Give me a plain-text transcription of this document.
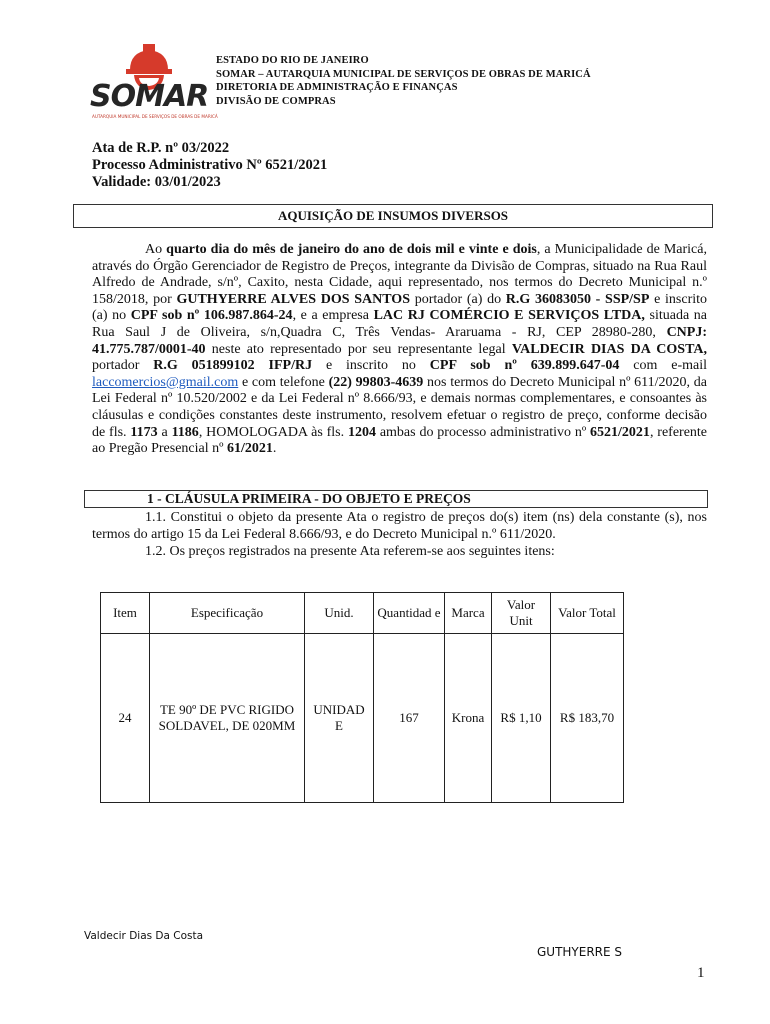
SOMAR
AUTARQUIA MUNICIPAL DE SERVIÇOS DE OBRAS DE MARICÁ
ESTADO DO RIO DE JANEIRO
SOMAR – AUTARQUIA MUNICIPAL DE SERVIÇOS DE OBRAS DE MARICÁ
DIRETORIA DE ADMINISTRAÇÃO E FINANÇAS
DIVISÃO DE COMPRAS
Ata de R.P. nº 03/2022
Processo Administrativo Nº 6521/2021
Validade: 03/01/2023
AQUISIÇÃO DE INSUMOS DIVERSOS

Ao quarto dia do mês de janeiro do ano de dois mil e vinte e dois, a Municipalidade de Maricá, através do Órgão Gerenciador de Registro de Preços, integrante da Divisão de Compras, situado na Rua Raul Alfredo de Andrade, s/nº, Caxito, nesta Cidade, aqui representado, nos termos do Decreto Municipal n.º 158/2018, por GUTHYERRE ALVES DOS SANTOS portador (a) do R.G 36083050 - SSP/SP e inscrito (a) no CPF sob nº 106.987.864-24, e a empresa LAC RJ COMÉRCIO E SERVIÇOS LTDA, situada na Rua Saul J de Oliveira, s/n,Quadra C, Três Vendas- Araruama - RJ, CEP 28980-280, CNPJ: 41.775.787/0001-40 neste ato representado por seu representante legal VALDECIR DIAS DA COSTA, portador R.G 051899102 IFP/RJ e inscrito no CPF sob nº 639.899.647-04 com e-mail laccomercios@gmail.com e com telefone (22) 99803-4639 nos termos do Decreto Municipal nº 611/2020, da Lei Federal nº 10.520/2002 e da Lei Federal nº 8.666/93, e demais normas complementares, e consoantes às cláusulas e condições constantes deste instrumento, resolvem efetuar o registro de preço, conforme decisão de fls. 1173 a 1186, HOMOLOGADA às fls. 1204 ambas do processo administrativo nº 6521/2021, referente ao Pregão Presencial nº 61/2021.

1 - CLÁUSULA PRIMEIRA - DO OBJETO E PREÇOS

1.1. Constitui o objeto da presente Ata o registro de preços do(s) item (ns) dela constante (s), nos termos do artigo 15 da Lei Federal 8.666/93, e do Decreto Municipal n.º 611/2020.

1.2. Os preços registrados na presente Ata referem-se aos seguintes itens:
Item	Especificação	Unid.	Quantidad e	Marca	Valor Unit	Valor Total
24	TE 90º DE PVC RIGIDO SOLDAVEL, DE 020MM	UNIDAD E	167	Krona	R$ 1,10	R$ 183,70
Valdecir Dias Da Costa
GUTHYERRE S
1
